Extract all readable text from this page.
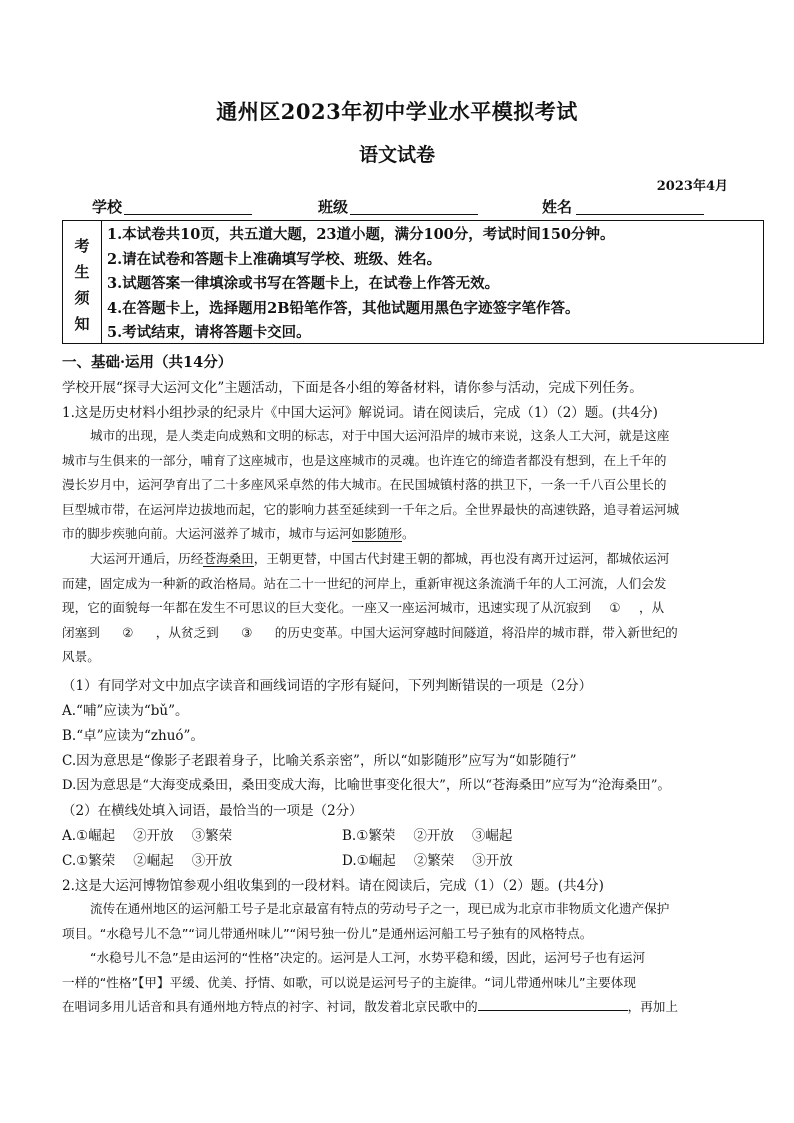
通州区2023年初中学业水平模拟考试
语文试卷
2023年4月
学校	班级	姓名
考
生
须
知
1.本试卷共10页，共五道大题，23道小题，满分100分，考试时间150分钟。
2.请在试卷和答题卡上准确填写学校、班级、姓名。
3.试题答案一律填涂或书写在答题卡上，在试卷上作答无效。
4.在答题卡上，选择题用2B铅笔作答，其他试题用黑色字迹签字笔作答。
5.考试结束，请将答题卡交回。
一、基础·运用（共14分）
学校开展“探寻大运河文化”主题活动，下面是各小组的筹备材料，请你参与活动，完成下列任务。
1.这是历史材料小组抄录的纪录片《中国大运河》解说词。请在阅读后，完成（1）（2）题。(共4分)
城市的出现，是人类走向成熟和文明的标志，对于中国大运河沿岸的城市来说，这条人工大河，就是这座
城市与生俱来的一部分，哺育了这座城市，也是这座城市的灵魂。也许连它的缔造者都没有想到，在上千年的
漫长岁月中，运河孕育出了二十多座风采卓然的伟大城市。在民国城镇村落的拱卫下，一条一千八百公里长的
巨型城市带，在运河岸边拔地而起，它的影响力甚至延续到一千年之后。全世界最快的高速铁路，追寻着运河城
市的脚步疾驰向前。大运河滋养了城市，城市与运河如影随形。
大运河开通后，历经苍海桑田，王朝更替，中国古代封建王朝的都城，再也没有离开过运河，都城依运河
而建，固定成为一种新的政治格局。站在二十一世纪的河岸上，重新审视这条流淌千年的人工河流，人们会发
现，它的面貌每一年都在发生不可思议的巨大变化。一座又一座运河城市，迅速实现了从沉寂到 ① ，从
闭塞到 ② ，从贫乏到 ③ 的历史变革。中国大运河穿越时间隧道，将沿岸的城市群，带入新世纪的
风景。
（1）有同学对文中加点字读音和画线词语的字形有疑问，下列判断错误的一项是（2分）
A.“哺”应读为“bǔ”。
B.“卓”应读为“zhuó”。
C.因为意思是“像影子老跟着身子，比喻关系亲密”，所以“如影随形”应写为“如影随行”
D.因为意思是“大海变成桑田，桑田变成大海，比喻世事变化很大”，所以“苍海桑田”应写为“沧海桑田”。
（2）在横线处填入词语，最恰当的一项是（2分）
A.①崛起 ②开放 ③繁荣	B.①繁荣 ②开放 ③崛起
C.①繁荣 ②崛起 ③开放	D.①崛起 ②繁荣 ③开放
2.这是大运河博物馆参观小组收集到的一段材料。请在阅读后，完成（1）（2）题。(共4分)
流传在通州地区的运河船工号子是北京最富有特点的劳动号子之一，现已成为北京市非物质文化遗产保护
项目。“水稳号儿不急”“词儿带通州味儿”“闲号独一份儿”是通州运河船工号子独有的风格特点。
“水稳号儿不急”是由运河的“性格”决定的。运河是人工河，水势平稳和缓，因此，运河号子也有运河
一样的“性格”【甲】平缓、优美、抒情、如歌，可以说是运河号子的主旋律。“词儿带通州味儿”主要体现
在唱词多用儿话音和具有通州地方特点的衬字、衬词，散发着北京民歌中的	，再加上
